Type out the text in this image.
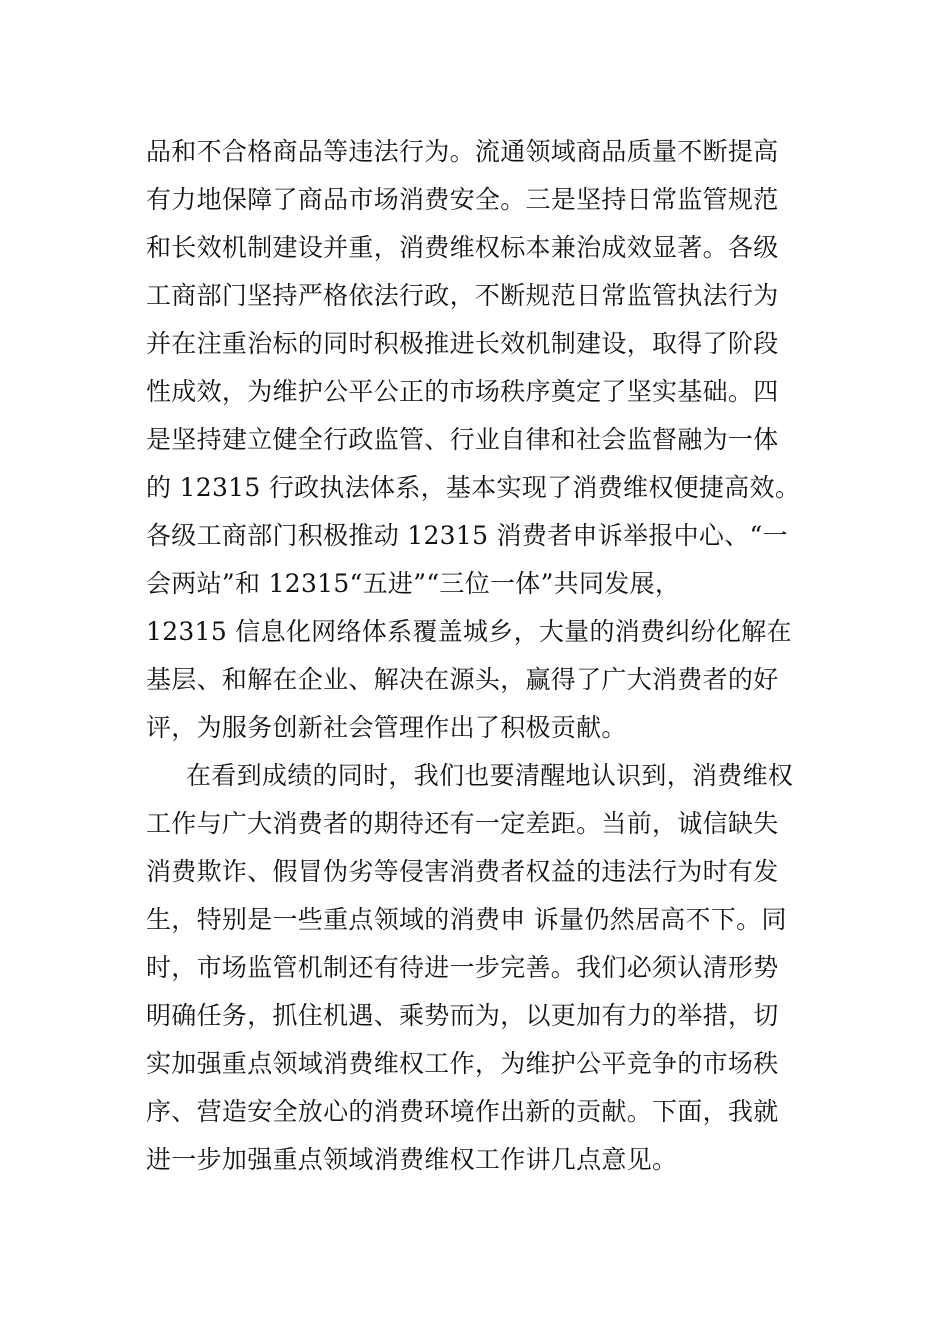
品和不合格商品等违法行为。流通领域商品质量不断提高
有力地保障了商品市场消费安全。三是坚持日常监管规范
和长效机制建设并重，消费维权标本兼治成效显著。各级
工商部门坚持严格依法行政，不断规范日常监管执法行为
并在注重治标的同时积极推进长效机制建设，取得了阶段
性成效，为维护公平公正的市场秩序奠定了坚实基础。四
是坚持建立健全行政监管、行业自律和社会监督融为一体
的 12315 行政执法体系，基本实现了消费维权便捷高效。
各级工商部门积极推动 12315 消费者申诉举报中心、“一
会两站”和 12315“五进”“三位一体”共同发展，
12315 信息化网络体系覆盖城乡，大量的消费纠纷化解在
基层、和解在企业、解决在源头，赢得了广大消费者的好
评，为服务创新社会管理作出了积极贡献。
在看到成绩的同时，我们也要清醒地认识到，消费维权
工作与广大消费者的期待还有一定差距。当前，诚信缺失
消费欺诈、假冒伪劣等侵害消费者权益的违法行为时有发
生，特别是一些重点领域的消费申 诉量仍然居高不下。同
时，市场监管机制还有待进一步完善。我们必须认清形势
明确任务，抓住机遇、乘势而为，以更加有力的举措，切
实加强重点领域消费维权工作，为维护公平竞争的市场秩
序、营造安全放心的消费环境作出新的贡献。下面，我就
进一步加强重点领域消费维权工作讲几点意见。
